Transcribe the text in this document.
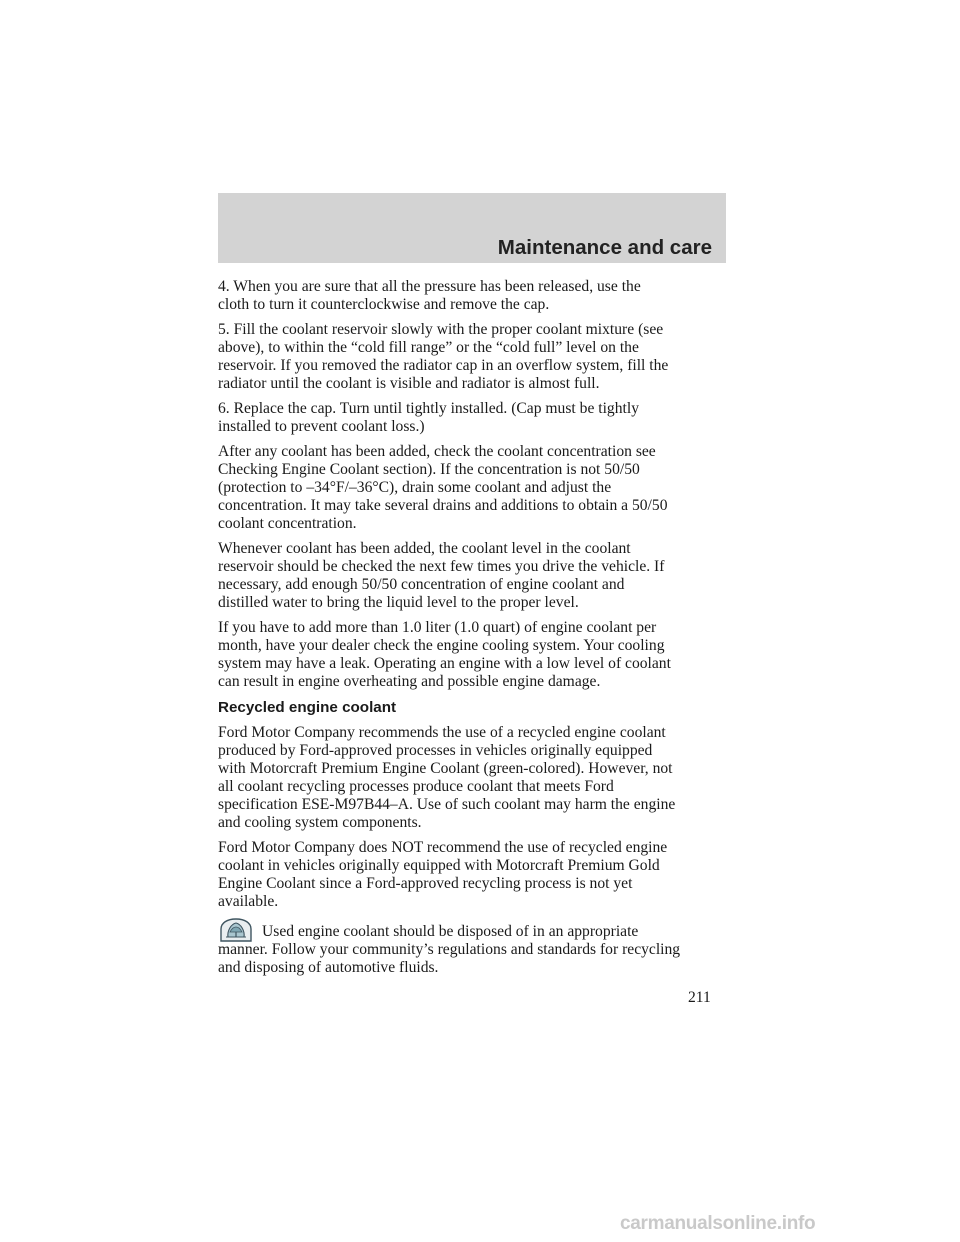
Maintenance and care

4. When you are sure that all the pressure has been released, use the
cloth to turn it counterclockwise and remove the cap.

5. Fill the coolant reservoir slowly with the proper coolant mixture (see
above), to within the “cold fill range” or the “cold full” level on the
reservoir. If you removed the radiator cap in an overflow system, fill the
radiator until the coolant is visible and radiator is almost full.

6. Replace the cap. Turn until tightly installed. (Cap must be tightly
installed to prevent coolant loss.)

After any coolant has been added, check the coolant concentration see
Checking Engine Coolant section). If the concentration is not 50/50
(protection to –34°F/–36°C), drain some coolant and adjust the
concentration. It may take several drains and additions to obtain a 50/50
coolant concentration.

Whenever coolant has been added, the coolant level in the coolant
reservoir should be checked the next few times you drive the vehicle. If
necessary, add enough 50/50 concentration of engine coolant and
distilled water to bring the liquid level to the proper level.

If you have to add more than 1.0 liter (1.0 quart) of engine coolant per
month, have your dealer check the engine cooling system. Your cooling
system may have a leak. Operating an engine with a low level of coolant
can result in engine overheating and possible engine damage.

Recycled engine coolant

Ford Motor Company recommends the use of a recycled engine coolant
produced by Ford-approved processes in vehicles originally equipped
with Motorcraft Premium Engine Coolant (green-colored). However, not
all coolant recycling processes produce coolant that meets Ford
specification ESE-M97B44–A. Use of such coolant may harm the engine
and cooling system components.

Ford Motor Company does NOT recommend the use of recycled engine
coolant in vehicles originally equipped with Motorcraft Premium Gold
Engine Coolant since a Ford-approved recycling process is not yet
available.

Used engine coolant should be disposed of in an appropriate
manner. Follow your community’s regulations and standards for recycling
and disposing of automotive fluids.
211
carmanualsonline.info
